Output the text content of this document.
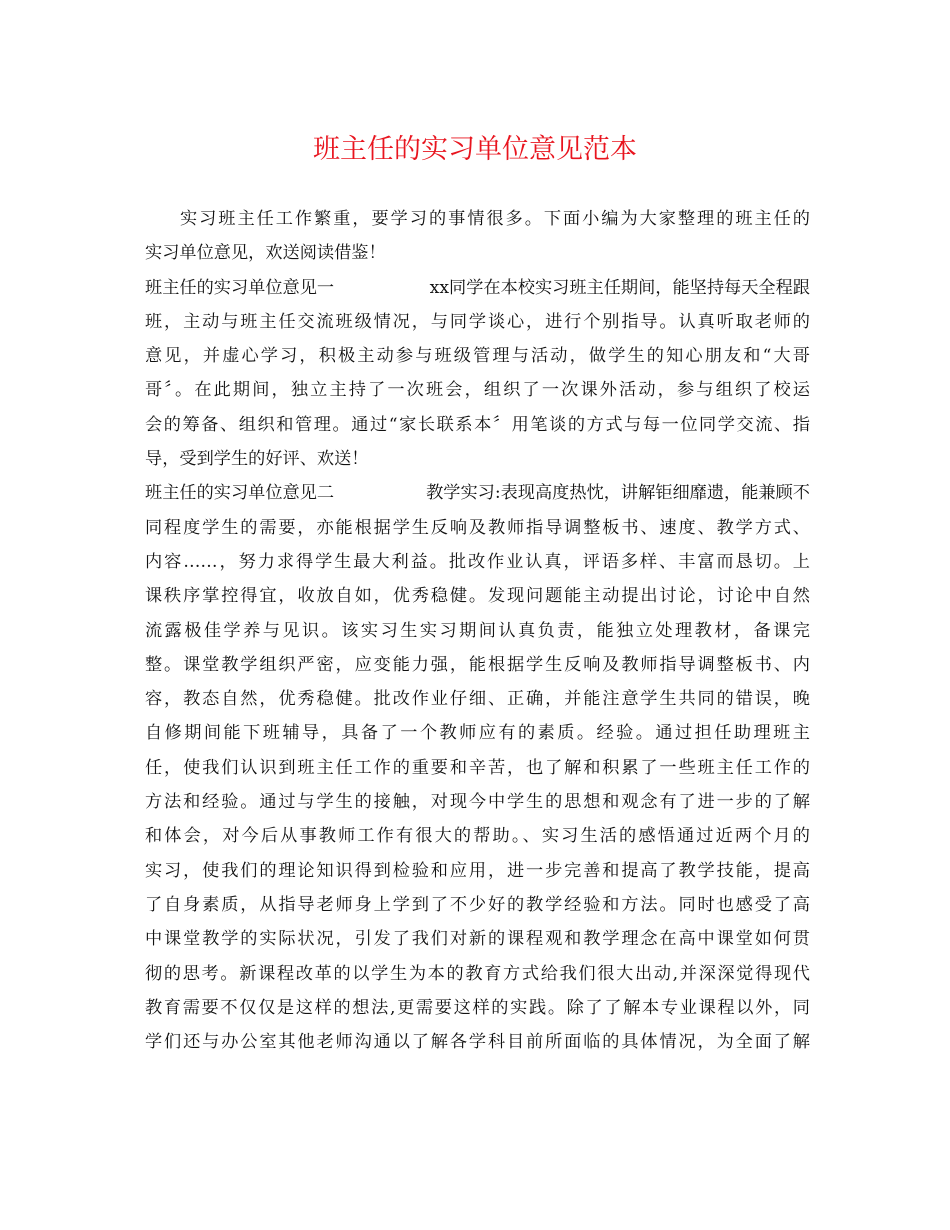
班主任的实习单位意见范本
实习班主任工作繁重，要学习的事情很多。下面小编为大家整理的班主任的
实习单位意见，欢送阅读借鉴！
班主任的实习单位意见一	xx同学在本校实习班主任期间，能坚持每天全程跟
班，主动与班主任交流班级情况，与同学谈心，进行个别指导。认真听取老师的
意见，并虚心学习，积极主动参与班级管理与活动，做学生的知心朋友和“大哥
哥〞。在此期间，独立主持了一次班会，组织了一次课外活动，参与组织了校运
会的筹备、组织和管理。通过“家长联系本〞用笔谈的方式与每一位同学交流、指
导，受到学生的好评、欢送！
班主任的实习单位意见二	教学实习:表现高度热忱，讲解钜细靡遗，能兼顾不
同程度学生的需要，亦能根据学生反响及教师指导调整板书、速度、教学方式、
内容……，努力求得学生最大利益。批改作业认真，评语多样、丰富而恳切。上
课秩序掌控得宜，收放自如，优秀稳健。发现问题能主动提出讨论，讨论中自然
流露极佳学养与见识。该实习生实习期间认真负责，能独立处理教材，备课完
整。课堂教学组织严密，应变能力强，能根据学生反响及教师指导调整板书、内
容，教态自然，优秀稳健。批改作业仔细、正确，并能注意学生共同的错误，晚
自修期间能下班辅导，具备了一个教师应有的素质。经验。通过担任助理班主
任，使我们认识到班主任工作的重要和辛苦，也了解和积累了一些班主任工作的
方法和经验。通过与学生的接触，对现今中学生的思想和观念有了进一步的了解
和体会，对今后从事教师工作有很大的帮助。、实习生活的感悟通过近两个月的
实习，使我们的理论知识得到检验和应用，进一步完善和提高了教学技能，提高
了自身素质，从指导老师身上学到了不少好的教学经验和方法。同时也感受了高
中课堂教学的实际状况，引发了我们对新的课程观和教学理念在高中课堂如何贯
彻的思考。新课程改革的以学生为本的教育方式给我们很大出动,并深深觉得现代
教育需要不仅仅是这样的想法,更需要这样的实践。除了了解本专业课程以外，同
学们还与办公室其他老师沟通以了解各学科目前所面临的具体情况，为全面了解
